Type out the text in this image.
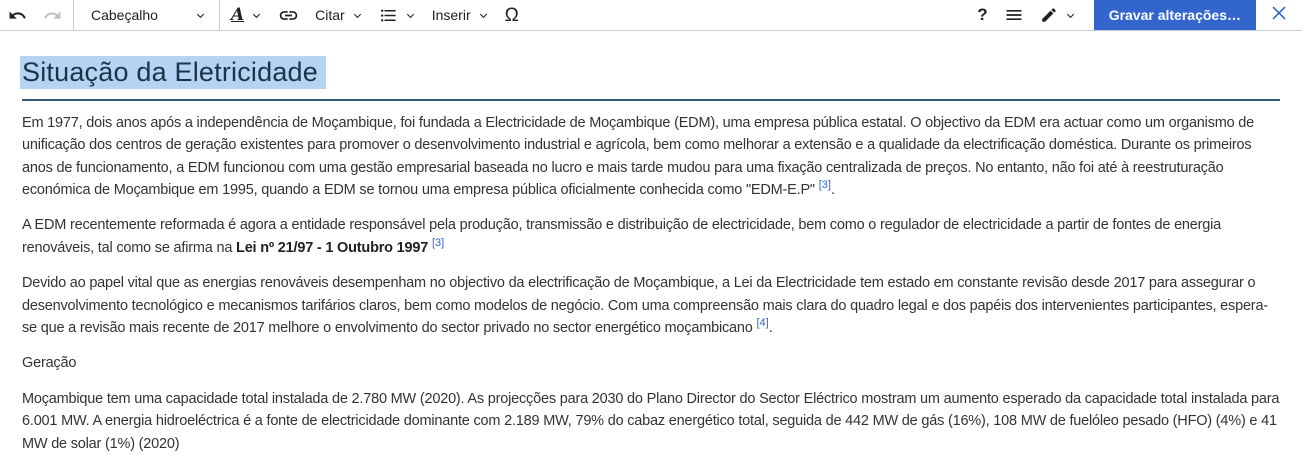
Cabeçalho	A	Citar	Inserir Ω	?	Gravar alterações…
Situação da Eletricidade

Em 1977, dois anos após a independência de Moçambique, foi fundada a Electricidade de Moçambique (EDM), uma empresa pública estatal. O objectivo da EDM era actuar como um organismo de unificação dos centros de geração existentes para promover o desenvolvimento industrial e agrícola, bem como melhorar a extensão e a qualidade da electrificação doméstica. Durante os primeiros anos de funcionamento, a EDM funcionou com uma gestão empresarial baseada no lucro e mais tarde mudou para uma fixação centralizada de preços. No entanto, não foi até à reestruturação económica de Moçambique em 1995, quando a EDM se tornou uma empresa pública oficialmente conhecida como "EDM-E.P" [3].

A EDM recentemente reformada é agora a entidade responsável pela produção, transmissão e distribuição de electricidade, bem como o regulador de electricidade a partir de fontes de energia renováveis, tal como se afirma na Lei nº 21/97 - 1 Outubro 1997 [3]

Devido ao papel vital que as energias renováveis desempenham no objectivo da electrificação de Moçambique, a Lei da Electricidade tem estado em constante revisão desde 2017 para assegurar o desenvolvimento tecnológico e mecanismos tarifários claros, bem como modelos de negócio. Com uma compreensão mais clara do quadro legal e dos papéis dos intervenientes participantes, espera-se que a revisão mais recente de 2017 melhore o envolvimento do sector privado no sector energético moçambicano [4].

Geração

Moçambique tem uma capacidade total instalada de 2.780 MW (2020). As projecções para 2030 do Plano Director do Sector Eléctrico mostram um aumento esperado da capacidade total instalada para 6.001 MW. A energia hidroeléctrica é a fonte de electricidade dominante com 2.189 MW, 79% do cabaz energético total, seguida de 442 MW de gás (16%), 108 MW de fuelóleo pesado (HFO) (4%) e 41 MW de solar (1%) (2020)
